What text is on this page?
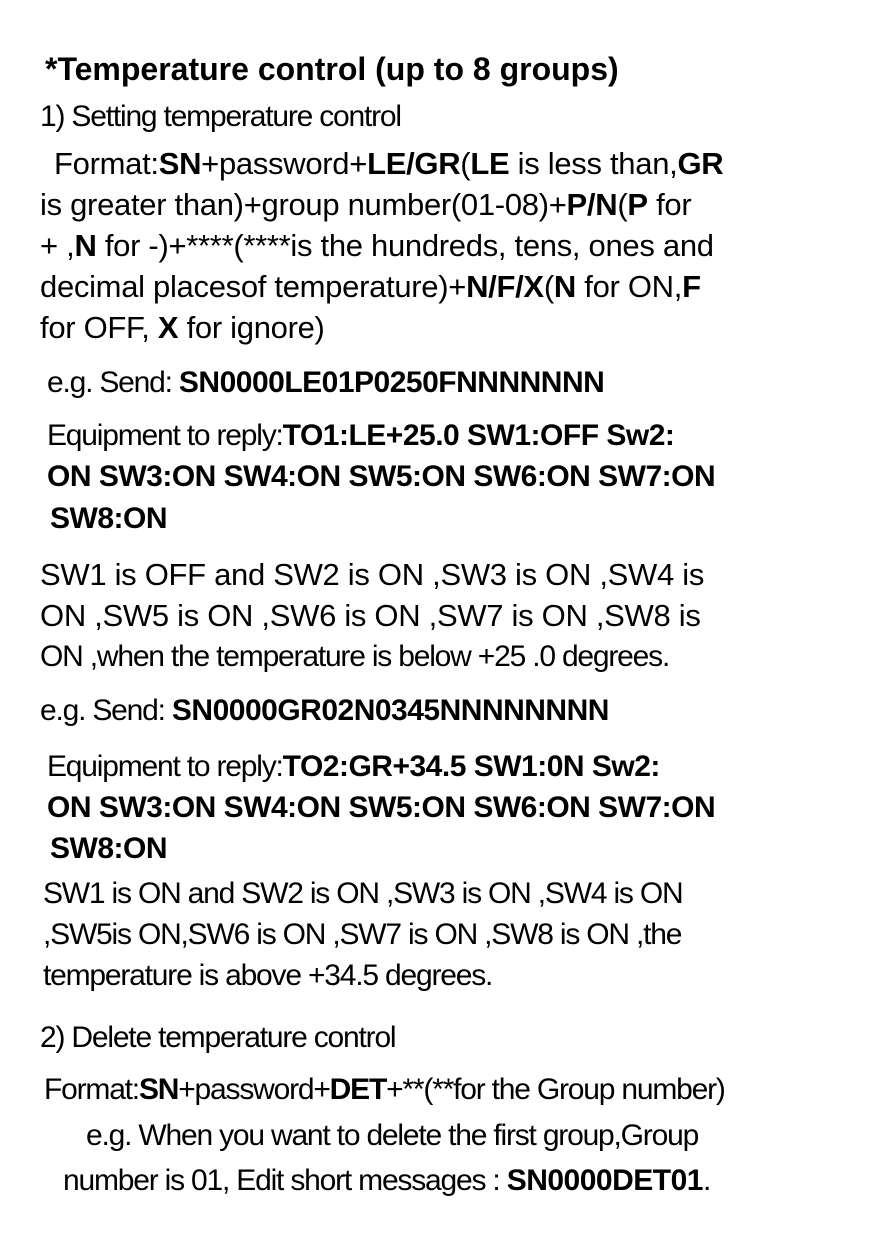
*Temperature control (up to 8 groups)
1) Setting temperature control
Format:SN+password+LE/GR(LE is less than,GR
is greater than)+group number(01-08)+P/N(P for
+ ,N for -)+****(****is the hundreds, tens, ones and
decimal placesof temperature)+N/F/X(N for ON,F
for OFF, X for ignore)
e.g. Send: SN0000LE01P0250FNNNNNNN
Equipment to reply:TO1:LE+25.0 SW1:OFF Sw2:
ON SW3:ON SW4:ON SW5:ON SW6:ON SW7:ON
SW8:ON
SW1 is OFF and SW2 is ON ,SW3 is ON ,SW4 is
ON ,SW5 is ON ,SW6 is ON ,SW7 is ON ,SW8 is
ON ,when the temperature is below +25 .0 degrees.
e.g. Send: SN0000GR02N0345NNNNNNNN
Equipment to reply:TO2:GR+34.5 SW1:0N Sw2:
ON SW3:ON SW4:ON SW5:ON SW6:ON SW7:ON
SW8:ON
SW1 is ON and SW2 is ON ,SW3 is ON ,SW4 is ON
,SW5is ON,SW6 is ON ,SW7 is ON ,SW8 is ON ,the
temperature is above +34.5 degrees.
2) Delete temperature control
Format:SN+password+DET+**(**for the Group number)
e.g. When you want to delete the first group,Group
number is 01, Edit short messages : SN0000DET01.
